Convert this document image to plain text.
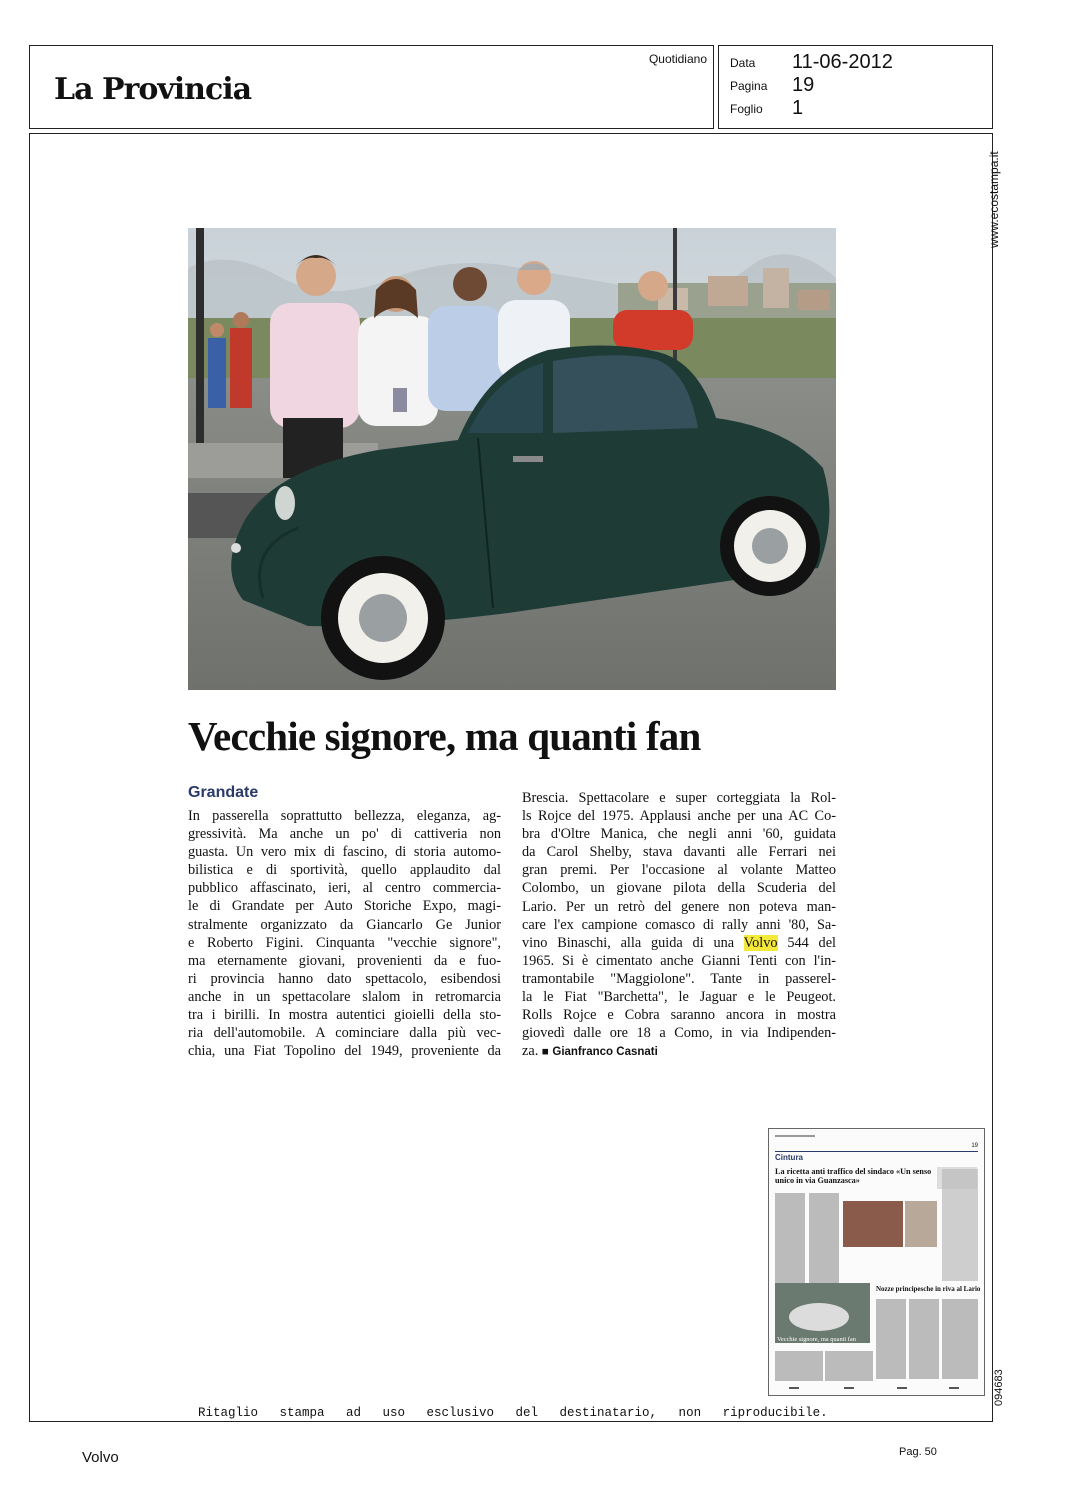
La Provincia
Quotidiano Data 11-06-2012
Pagina 19
Foglio 1
www.ecostampa.it
094683
Vecchie signore, ma quanti fan
Grandate
In passerella soprattutto bellezza, eleganza, ag-
gressività. Ma anche un po' di cattiveria non
guasta. Un vero mix di fascino, di storia automo-
bilistica e di sportività, quello applaudito dal
pubblico affascinato, ieri, al centro commercia-
le di Grandate per Auto Storiche Expo, magi-
stralmente organizzato da Giancarlo Ge Junior
e Roberto Figini. Cinquanta "vecchie signore",
ma eternamente giovani, provenienti da e fuo-
ri provincia hanno dato spettacolo, esibendosi
anche in un spettacolare slalom in retromarcia
tra i birilli. In mostra autentici gioielli della sto-
ria dell'automobile. A cominciare dalla più vec-
chia, una Fiat Topolino del 1949, proveniente da
Brescia. Spettacolare e super corteggiata la Rol-
ls Rojce del 1975. Applausi anche per una AC Co-
bra d'Oltre Manica, che negli anni '60, guidata
da Carol Shelby, stava davanti alle Ferrari nei
gran premi. Per l'occasione al volante Matteo
Colombo, un giovane pilota della Scuderia del
Lario. Per un retrò del genere non poteva man-
care l'ex campione comasco di rally anni '80, Sa-
vino Binaschi, alla guida di una Volvo 544 del
1965. Si è cimentato anche Gianni Tenti con l'in-
tramontabile "Maggiolone". Tante in passerel-
la le Fiat "Barchetta", le Jaguar e le Peugeot.
Rolls Rojce e Cobra saranno ancora in mostra
giovedì dalle ore 18 a Como, in via Indipenden-
za. ■ Gianfranco Casnati
19
Cintura
La ricetta anti traffico del sindaco «Un senso unico in via Guanzasca»
Nozze principesche in riva al Lario
Vecchie signore, ma quanti fan
Ritaglio stampa ad uso esclusivo del destinatario, non riproducibile.
Volvo	Pag. 50
